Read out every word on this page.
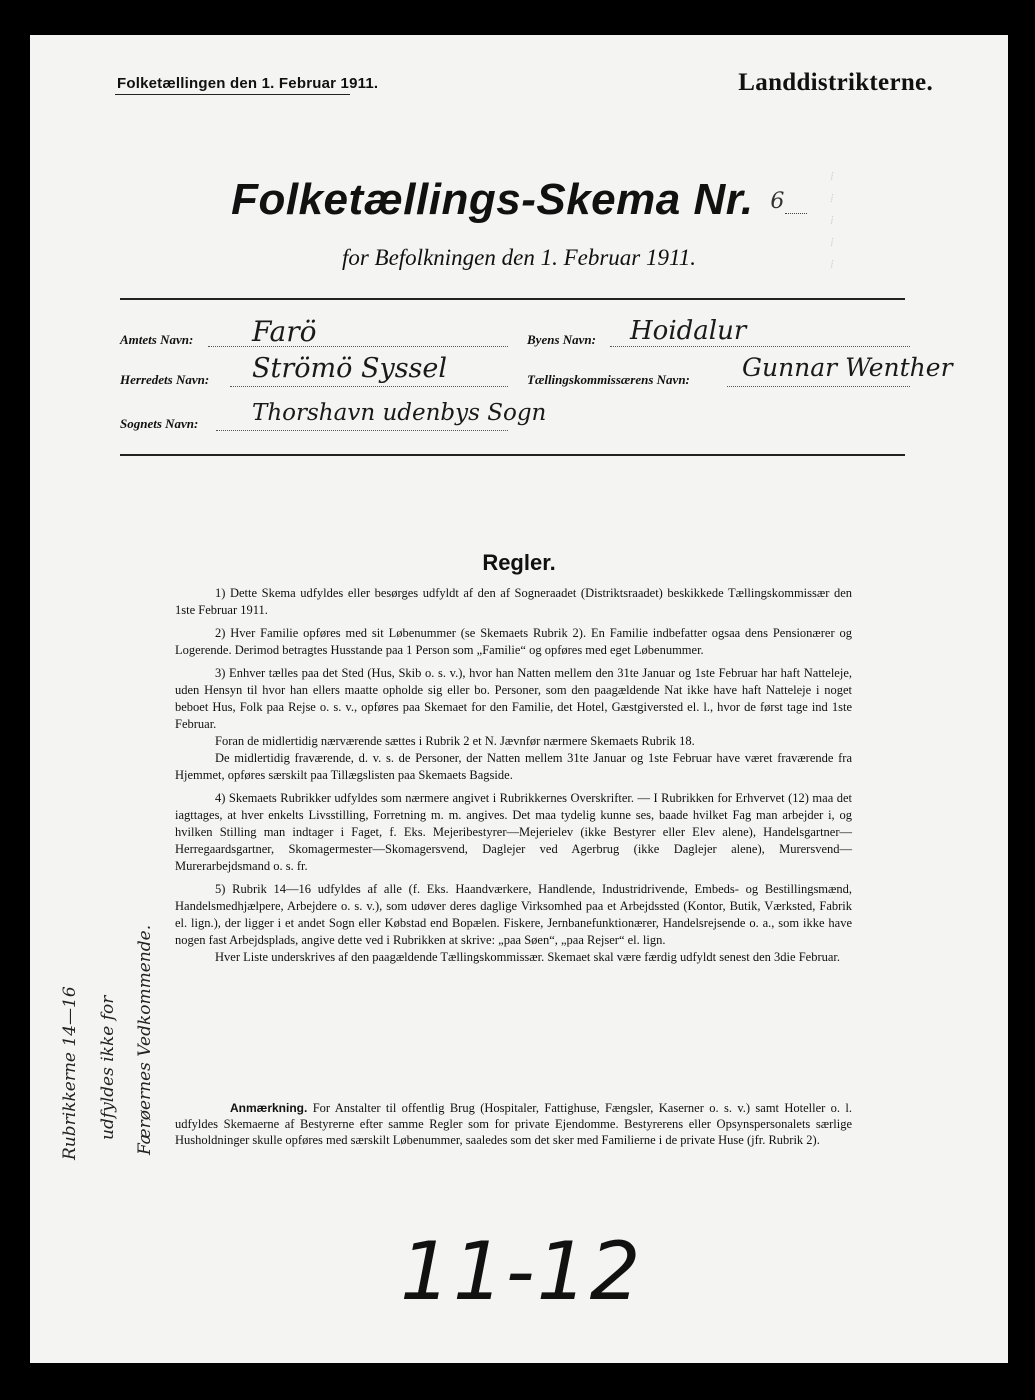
Folketællingen den 1. Februar 1911.	Landdistrikterne.
⁞
⁞
⁞
⁞
⁞
Folketællings-Skema Nr. 6
for Befolkningen den 1. Februar 1911.
Amtets Navn: Farö
Herredets Navn: Strömö Syssel
Sognets Navn: Thorshavn udenbys Sogn
Byens Navn: Hoidalur
Tællingskommissærens Navn: Gunnar Wenther
Regler.

1) Dette Skema udfyldes eller besørges udfyldt af den af Sogneraadet (Distriktsraadet) beskikkede Tællingskommissær den 1ste Februar 1911.

2) Hver Familie opføres med sit Løbenummer (se Skemaets Rubrik 2). En Familie indbefatter ogsaa dens Pensionærer og Logerende. Derimod betragtes Husstande paa 1 Person som „Familie“ og opføres med eget Løbenummer.

3) Enhver tælles paa det Sted (Hus, Skib o. s. v.), hvor han Natten mellem den 31te Januar og 1ste Februar har haft Natteleje, uden Hensyn til hvor han ellers maatte opholde sig eller bo. Personer, som den paagældende Nat ikke have haft Natteleje i noget beboet Hus, Folk paa Rejse o. s. v., opføres paa Skemaet for den Familie, det Hotel, Gæstgiversted el. l., hvor de først tage ind 1ste Februar.

Foran de midlertidig nærværende sættes i Rubrik 2 et N. Jævnfør nærmere Skemaets Rubrik 18.

De midlertidig fraværende, d. v. s. de Personer, der Natten mellem 31te Januar og 1ste Februar have været fraværende fra Hjemmet, opføres særskilt paa Tillægslisten paa Skemaets Bagside.

4) Skemaets Rubrikker udfyldes som nærmere angivet i Rubrikkernes Overskrifter. — I Rubrikken for Erhvervet (12) maa det iagttages, at hver enkelts Livsstilling, Forretning m. m. angives. Det maa tydelig kunne ses, baade hvilket Fag man arbejder i, og hvilken Stilling man indtager i Faget, f. Eks. Mejeribestyrer—Mejerielev (ikke Bestyrer eller Elev alene), Handelsgartner—Herregaardsgartner, Skomagermester—Skomagersvend, Daglejer ved Agerbrug (ikke Daglejer alene), Murersvend—Murerarbejdsmand o. s. fr.

5) Rubrik 14—16 udfyldes af alle (f. Eks. Haandværkere, Handlende, Industridrivende, Embeds- og Bestillingsmænd, Handelsmedhjælpere, Arbejdere o. s. v.), som udøver deres daglige Virksomhed paa et Arbejdssted (Kontor, Butik, Værksted, Fabrik el. lign.), der ligger i et andet Sogn eller Købstad end Bopælen. Fiskere, Jernbanefunktionærer, Handelsrejsende o. a., som ikke have nogen fast Arbejdsplads, angive dette ved i Rubrikken at skrive: „paa Søen“, „paa Rejser“ el. lign.

Hver Liste underskrives af den paagældende Tællingskommissær. Skemaet skal være færdig udfyldt senest den 3die Februar.

Anmærkning. For Anstalter til offentlig Brug (Hospitaler, Fattighuse, Fængsler, Kaserner o. s. v.) samt Hoteller o. l. udfyldes Skemaerne af Bestyrerne efter samme Regler som for private Ejendomme. Bestyrerens eller Opsynspersonalets særlige Husholdninger skulle opføres med særskilt Løbenummer, saaledes som det sker med Familierne i de private Huse (jfr. Rubrik 2).
Rubrikkerne 14—16 udfyldes ikke for Færøernes Vedkommende.
11-12
